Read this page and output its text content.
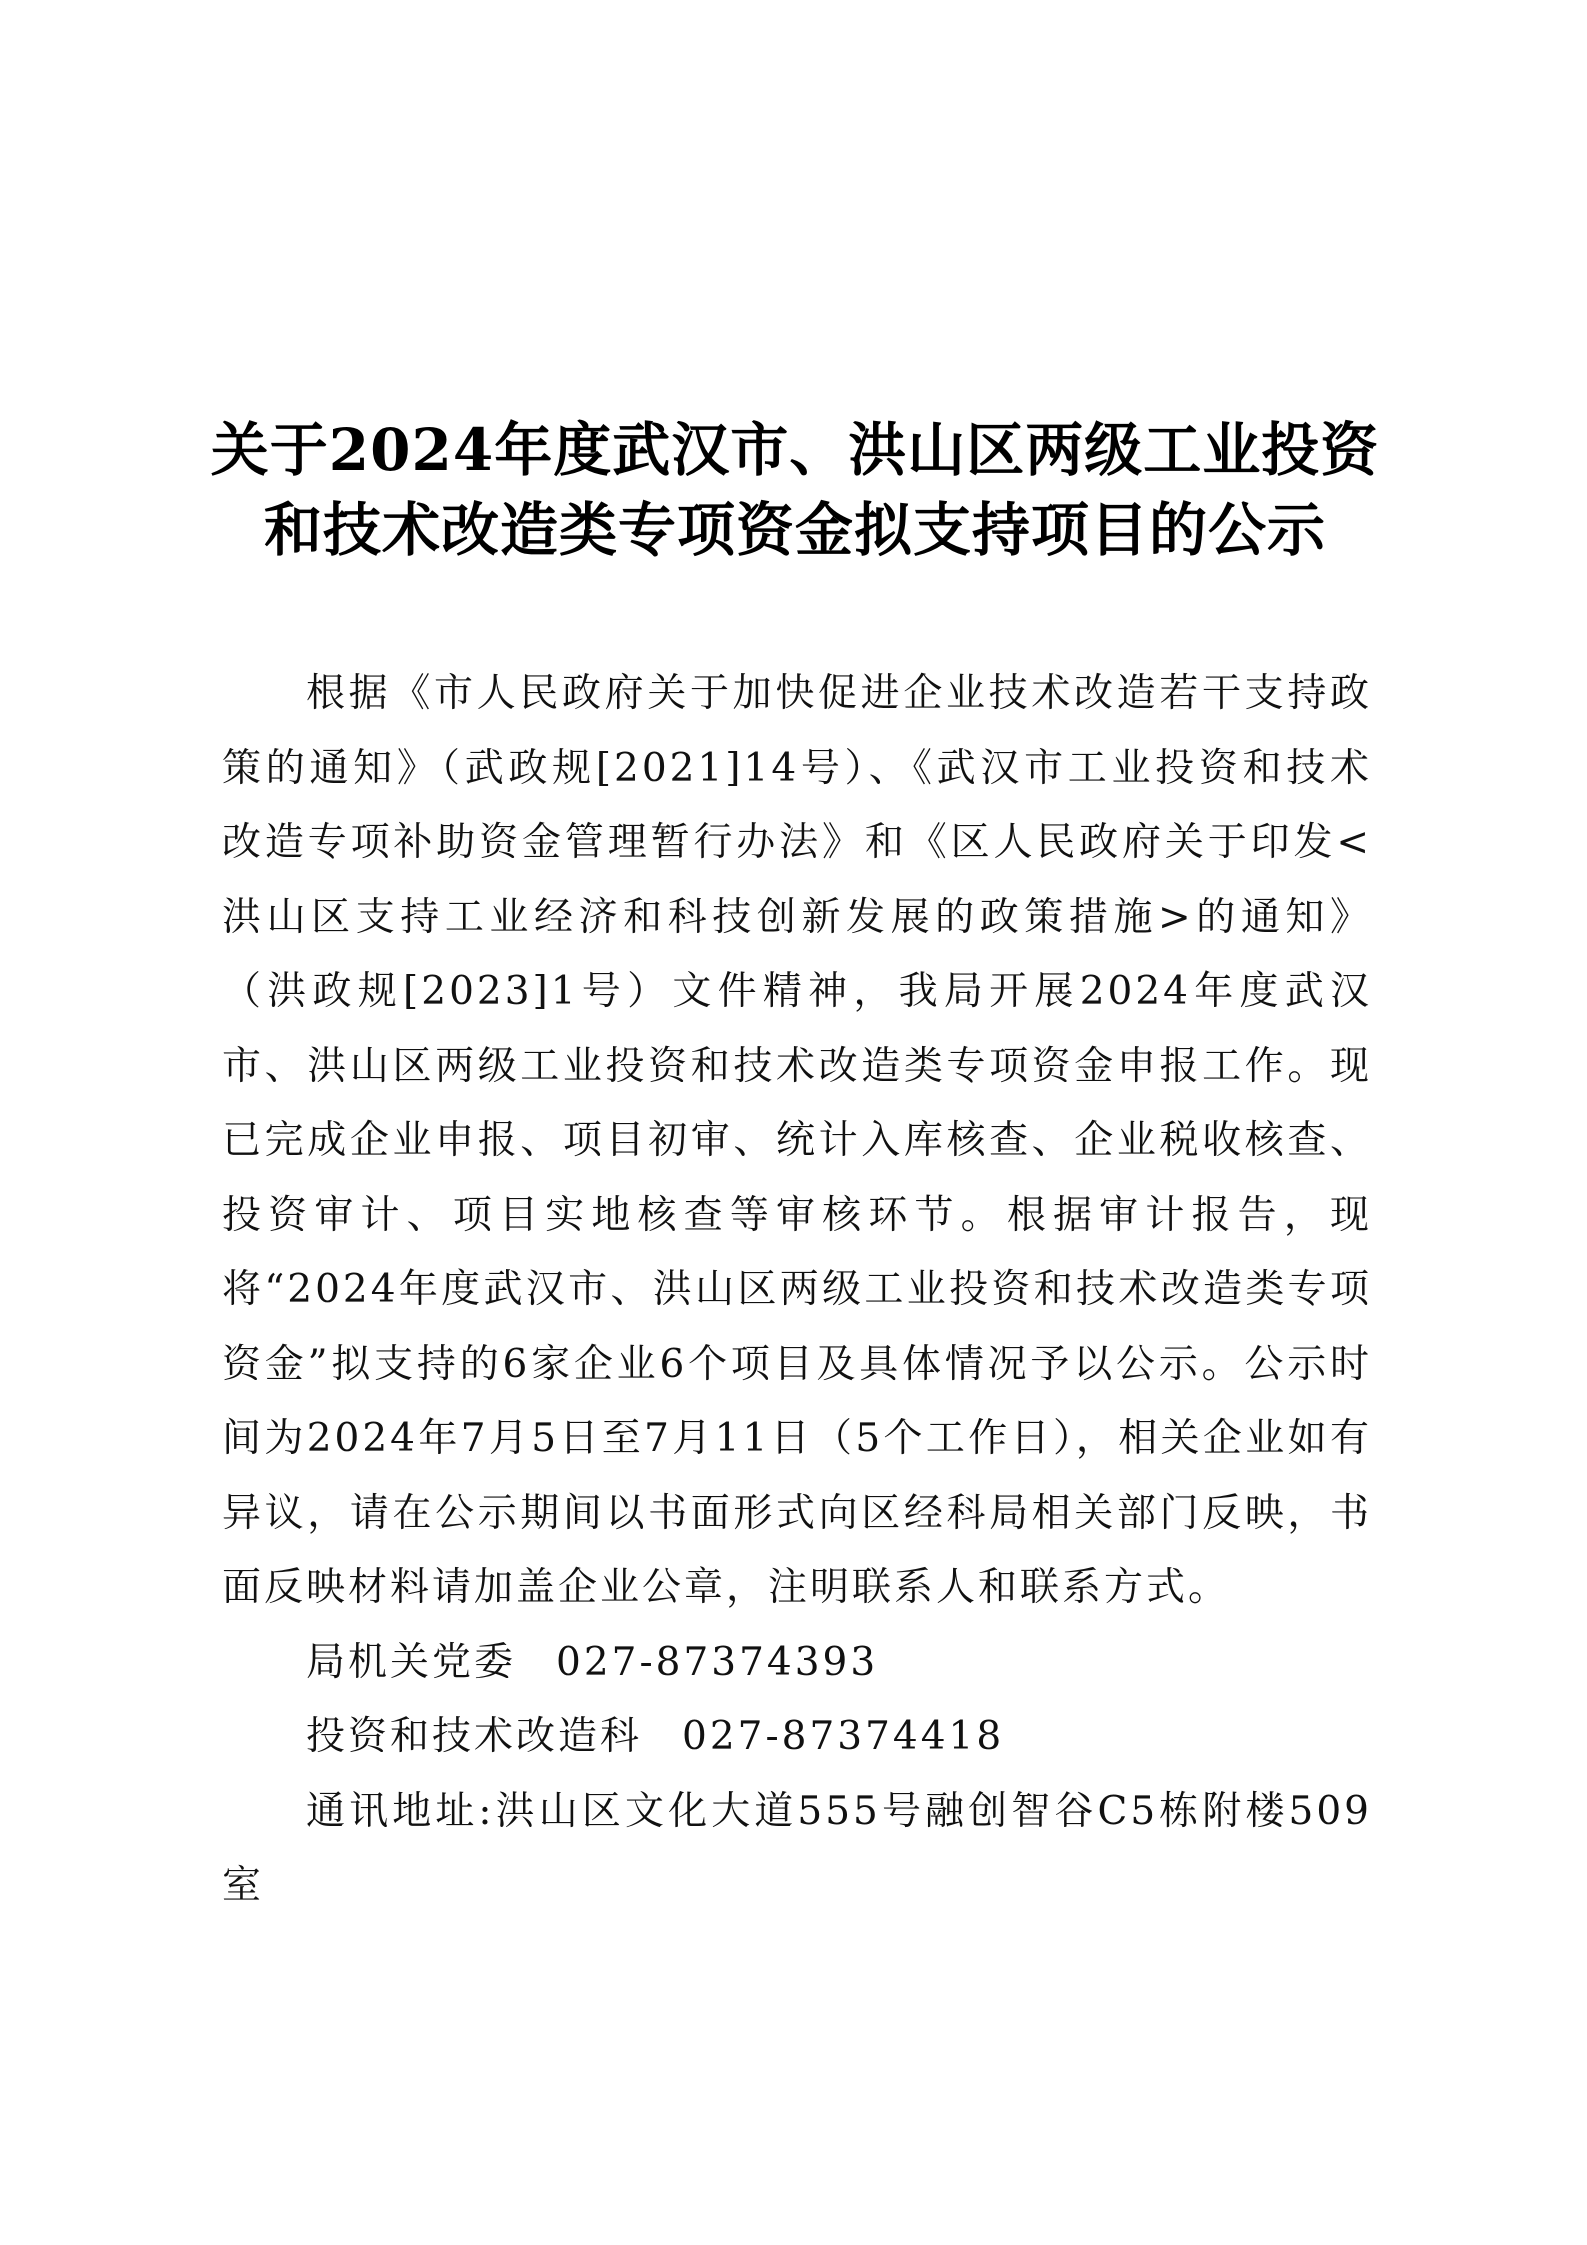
关于2024年度武汉市、洪山区两级工业投资
和技术改造类专项资金拟支持项目的公示

根据《市人民政府关于加快促进企业技术改造若干支持政策的通知》（武政规[2021]14号）、《武汉市工业投资和技术改造专项补助资金管理暂行办法》和《区人民政府关于印发<洪山区支持工业经济和科技创新发展的政策措施>的通知》（洪政规[2023]1号）文件精神，我局开展2024年度武汉市、洪山区两级工业投资和技术改造类专项资金申报工作。现已完成企业申报、项目初审、统计入库核查、企业税收核查、投资审计、项目实地核查等审核环节。根据审计报告，现将“2024年度武汉市、洪山区两级工业投资和技术改造类专项资金”拟支持的6家企业6个项目及具体情况予以公示。公示时间为2024年7月5日至7月11日（5个工作日），相关企业如有异议，请在公示期间以书面形式向区经科局相关部门反映，书面反映材料请加盖企业公章，注明联系人和联系方式。

局机关党委 027-87374393

投资和技术改造科 027-87374418

通讯地址:洪山区文化大道555号融创智谷C5栋附楼509室
